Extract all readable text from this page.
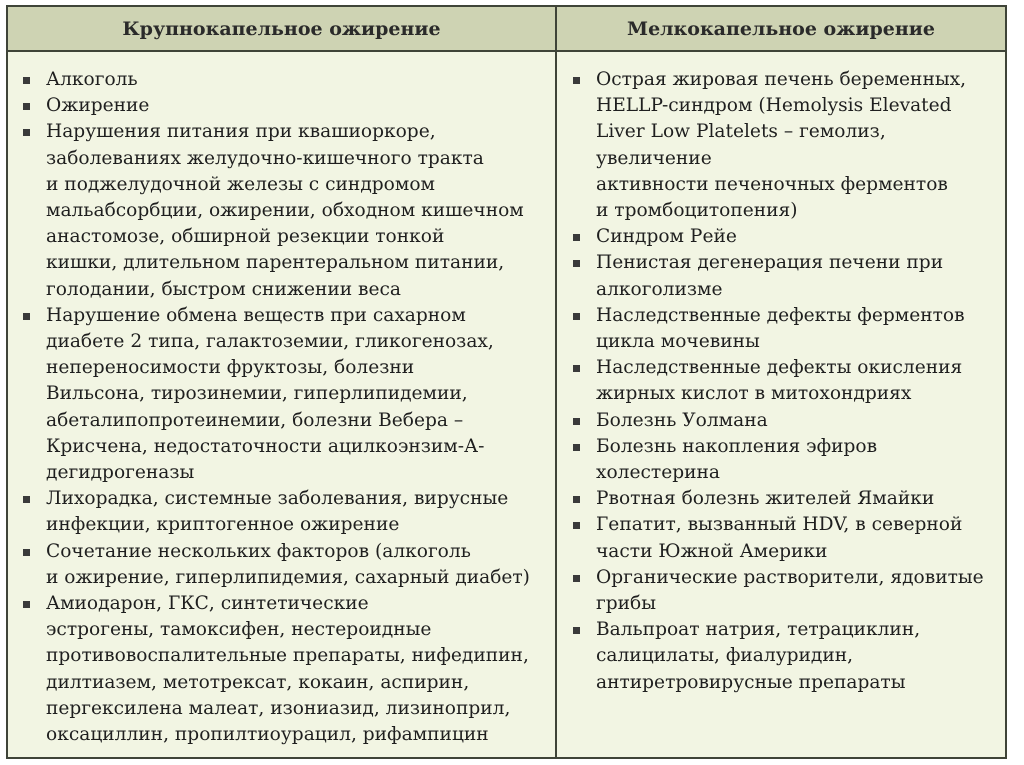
Крупнокапельное ожирение	Мелкокапельное ожирение
Алкоголь
Ожирение
Нарушения питания при квашиоркоре,
заболеваниях желудочно-кишечного тракта
и поджелудочной железы с синдромом
мальабсорбции, ожирении, обходном кишечном
анастомозе, обширной резекции тонкой
кишки, длительном парентеральном питании,
голодании, быстром снижении веса
Нарушение обмена веществ при сахарном
диабете 2 типа, галактоземии, гликогенозах,
непереносимости фруктозы, болезни
Вильсона, тирозинемии, гиперлипидемии,
абеталипопротеинемии, болезни Вебера –
Крисчена, недостаточности ацилкоэнзим-А-
дегидрогеназы
Лихорадка, системные заболевания, вирусные
инфекции, криптогенное ожирение
Сочетание нескольких факторов (алкоголь
и ожирение, гиперлипидемия, сахарный диабет)
Амиодарон, ГКС, синтетические
эстрогены, тамоксифен, нестероидные
противовоспалительные препараты, нифедипин,
дилтиазем, метотрексат, кокаин, аспирин,
пергексилена малеат, изониазид, лизиноприл,
оксациллин, пропилтиоурацил, рифампицин
Острая жировая печень беременных,
HELLP-синдром (Hemolysis Elevated
Liver Low Platelets – гемолиз, увеличение
активности печеночных ферментов
и тромбоцитопения)
Синдром Рейе
Пенистая дегенерация печени при
алкоголизме
Наследственные дефекты ферментов
цикла мочевины
Наследственные дефекты окисления
жирных кислот в митохондриях
Болезнь Уолмана
Болезнь накопления эфиров
холестерина
Рвотная болезнь жителей Ямайки
Гепатит, вызванный HDV, в северной
части Южной Америки
Органические растворители, ядовитые
грибы
Вальпроат натрия, тетрациклин,
салицилаты, фиалуридин,
антиретровирусные препараты
